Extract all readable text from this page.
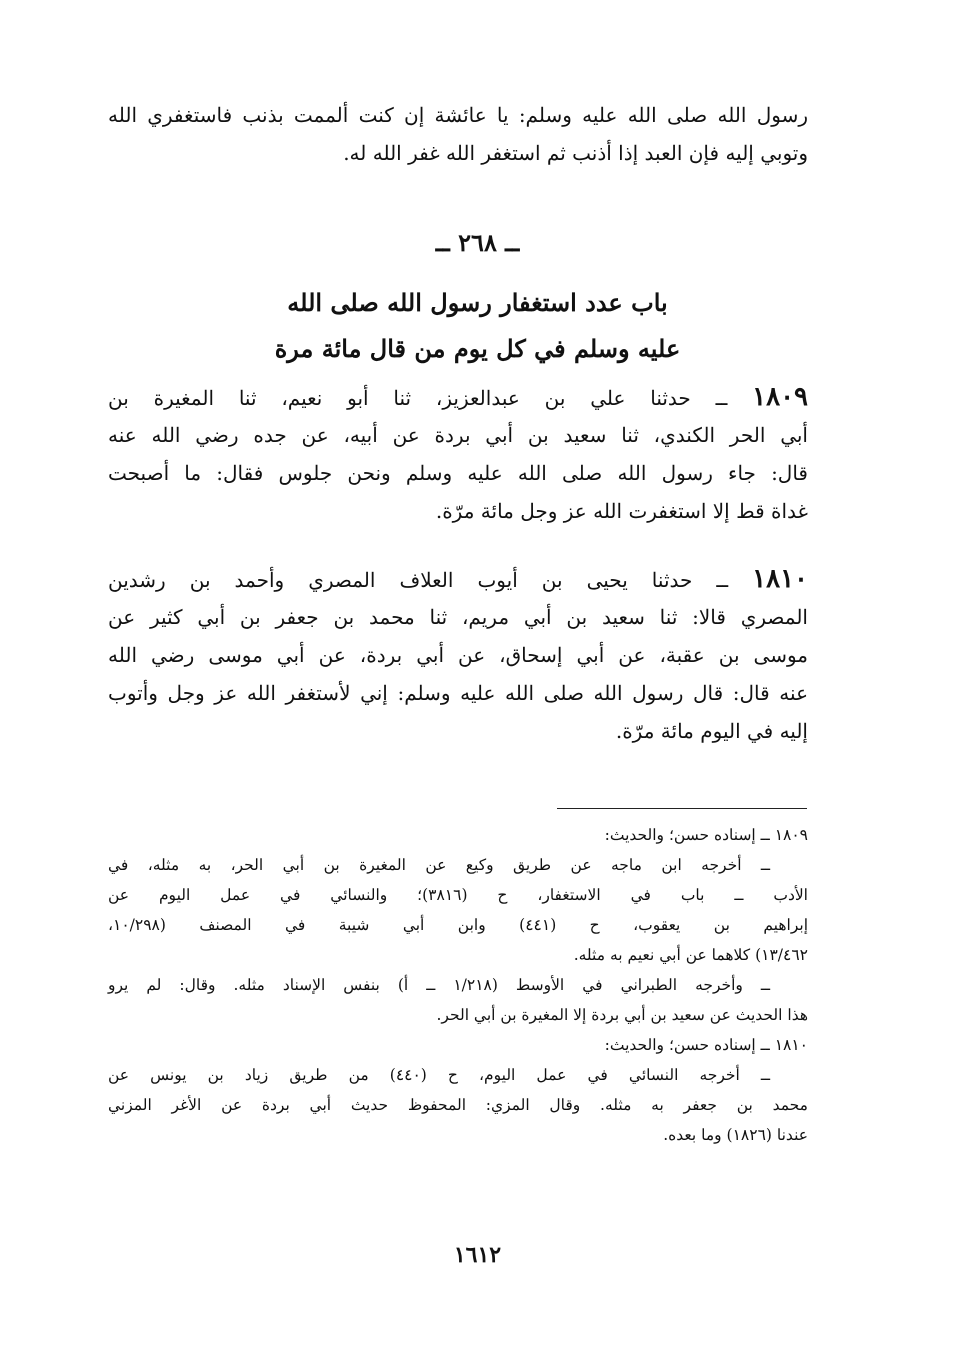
رسول الله صلى الله عليه وسلم: يا عائشة إن كنت ألممت بذنب فاستغفري الله
وتوبي إليه فإن العبد إذا أذنب ثم استغفر الله غفر الله له.
ــ ٢٦٨ ــ
باب عدد استغفار رسول الله صلى الله
عليه وسلم في كل يوم من قال مائة مرة
١٨٠٩ ــ حدثنا علي بن عبدالعزيز، ثنا أبو نعيم، ثنا المغيرة بن
أبي الحر الكندي، ثنا سعيد بن أبي بردة عن أبيه، عن جده رضي الله عنه
قال: جاء رسول الله صلى الله عليه وسلم ونحن جلوس فقال: ما أصبحت
غداة قط إلا استغفرت الله عز وجل مائة مرّة.
١٨١٠ ــ حدثنا يحيى بن أيوب العلاف المصري وأحمد بن رشدين
المصري قالا: ثنا سعيد بن أبي مريم، ثنا محمد بن جعفر بن أبي كثير عن
موسى بن عقبة، عن أبي إسحاق، عن أبي بردة، عن أبي موسى رضي الله
عنه قال: قال رسول الله صلى الله عليه وسلم: إني لأستغفر الله عز وجل وأتوب
إليه في اليوم مائة مرّة.
١٨٠٩ ــ إسناده حسن؛ والحديث:
ــ أخرجه ابن ماجه عن طريق وكيع عن المغيرة بن أبي الحر، به مثله، في
الأدب ــ باب في الاستغفار، ح (٣٨١٦)؛ والنسائي في عمل اليوم عن
إبراهيم بن يعقوب، ح (٤٤١) وابن أبي شيبة في المصنف (١٠/٢٩٨،
١٣/٤٦٢) كلاهما عن أبي نعيم به مثله.
ــ وأخرجه الطبراني في الأوسط (١/٢١٨ ــ أ) بنفس الإسناد مثله. وقال: لم يرو
هذا الحديث عن سعيد بن أبي بردة إلا المغيرة بن أبي الحر.
١٨١٠ ــ إسناده حسن؛ والحديث:
ــ أخرجه النسائي في عمل اليوم، ح (٤٤٠) من طريق زياد بن يونس عن
محمد بن جعفر به مثله. وقال المزي: المحفوظ حديث أبي بردة عن الأغر المزني
عندنا (١٨٢٦) وما بعده.
١٦١٢
